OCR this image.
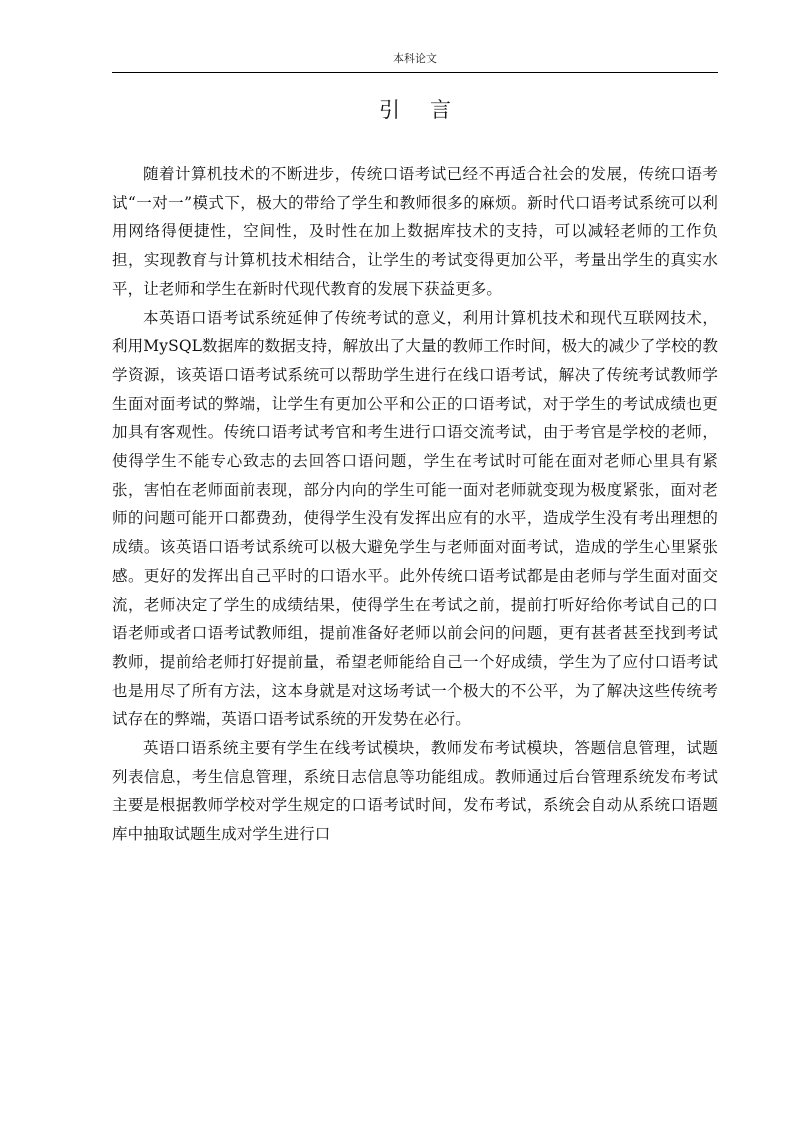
本科论文
引言

随着计算机技术的不断进步，传统口语考试已经不再适合社会的发展，传统口语考试“一对一”模式下，极大的带给了学生和教师很多的麻烦。新时代口语考试系统可以利用网络得便捷性，空间性，及时性在加上数据库技术的支持，可以减轻老师的工作负担，实现教育与计算机技术相结合，让学生的考试变得更加公平，考量出学生的真实水平，让老师和学生在新时代现代教育的发展下获益更多。

本英语口语考试系统延伸了传统考试的意义，利用计算机技术和现代互联网技术，利用MySQL数据库的数据支持，解放出了大量的教师工作时间，极大的减少了学校的教学资源，该英语口语考试系统可以帮助学生进行在线口语考试，解决了传统考试教师学生面对面考试的弊端，让学生有更加公平和公正的口语考试，对于学生的考试成绩也更加具有客观性。传统口语考试考官和考生进行口语交流考试，由于考官是学校的老师，使得学生不能专心致志的去回答口语问题，学生在考试时可能在面对老师心里具有紧张，害怕在老师面前表现，部分内向的学生可能一面对老师就变现为极度紧张，面对老师的问题可能开口都费劲，使得学生没有发挥出应有的水平，造成学生没有考出理想的成绩。该英语口语考试系统可以极大避免学生与老师面对面考试，造成的学生心里紧张感。更好的发挥出自己平时的口语水平。此外传统口语考试都是由老师与学生面对面交流，老师决定了学生的成绩结果，使得学生在考试之前，提前打听好给你考试自己的口语老师或者口语考试教师组，提前准备好老师以前会问的问题，更有甚者甚至找到考试教师，提前给老师打好提前量，希望老师能给自己一个好成绩，学生为了应付口语考试也是用尽了所有方法，这本身就是对这场考试一个极大的不公平，为了解决这些传统考试存在的弊端，英语口语考试系统的开发势在必行。

英语口语系统主要有学生在线考试模块，教师发布考试模块，答题信息管理，试题列表信息，考生信息管理，系统日志信息等功能组成。教师通过后台管理系统发布考试主要是根据教师学校对学生规定的口语考试时间，发布考试，系统会自动从系统口语题库中抽取试题生成对学生进行口
